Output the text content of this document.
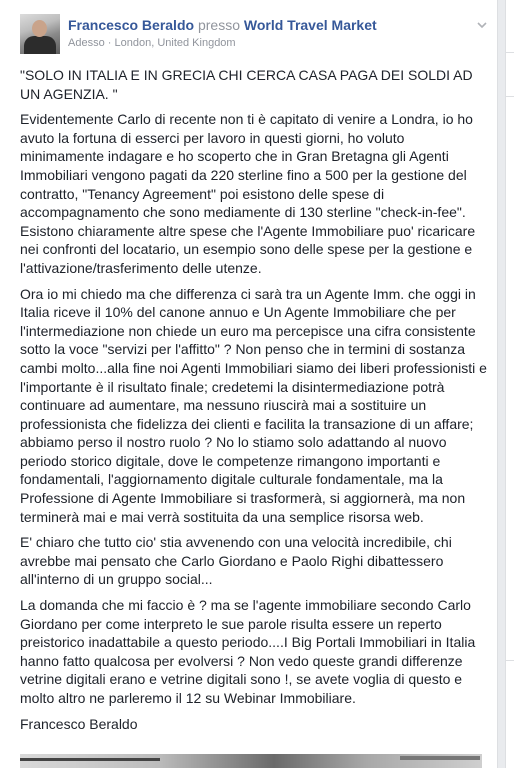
Francesco Beraldo presso World Travel Market
Adesso · London, United Kingdom

"SOLO IN ITALIA E IN GRECIA CHI CERCA CASA PAGA DEI SOLDI AD UN AGENZIA. "

Evidentemente Carlo di recente non ti è capitato di venire a Londra, io ho avuto la fortuna di esserci per lavoro in questi giorni, ho voluto minimamente indagare e ho scoperto che in Gran Bretagna gli Agenti Immobiliari vengono pagati da 220 sterline fino a 500 per la gestione del contratto, "Tenancy Agreement" poi esistono delle spese di accompagnamento che sono mediamente di 130 sterline "check-in-fee". Esistono chiaramente altre spese che l'Agente Immobiliare puo' ricaricare nei confronti del locatario, un esempio sono delle spese per la gestione e l'attivazione/trasferimento delle utenze.

Ora io mi chiedo ma che differenza ci sarà tra un Agente Imm. che oggi in Italia riceve il 10% del canone annuo e Un Agente Immobiliare che per l'intermediazione non chiede un euro ma percepisce una cifra consistente sotto la voce "servizi per l'affitto" ? Non penso che in termini di sostanza cambi molto...alla fine noi Agenti Immobiliari siamo dei liberi professionisti e l'importante è il risultato finale; credetemi la disintermediazione potrà continuare ad aumentare, ma nessuno riuscirà mai a sostituire un professionista che fidelizza dei clienti e facilita la transazione di un affare; abbiamo perso il nostro ruolo ? No lo stiamo solo adattando al nuovo periodo storico digitale, dove le competenze rimangono importanti e fondamentali, l'aggiornamento digitale culturale fondamentale, ma la Professione di Agente Immobiliare si trasformerà, si aggiornerà, ma non terminerà mai e mai verrà sostituita da una semplice risorsa web.

E' chiaro che tutto cio' stia avvenendo con una velocità incredibile, chi avrebbe mai pensato che Carlo Giordano e Paolo Righi dibattessero all'interno di un gruppo social...

La domanda che mi faccio è ? ma se l'agente immobiliare secondo Carlo Giordano per come interpreto le sue parole risulta essere un reperto preistorico inadattabile a questo periodo....I Big Portali Immobiliari in Italia hanno fatto qualcosa per evolversi ? Non vedo queste grandi differenze vetrine digitali erano e vetrine digitali sono !, se avete voglia di questo e molto altro ne parleremo il 12 su Webinar Immobiliare.

Francesco Beraldo
